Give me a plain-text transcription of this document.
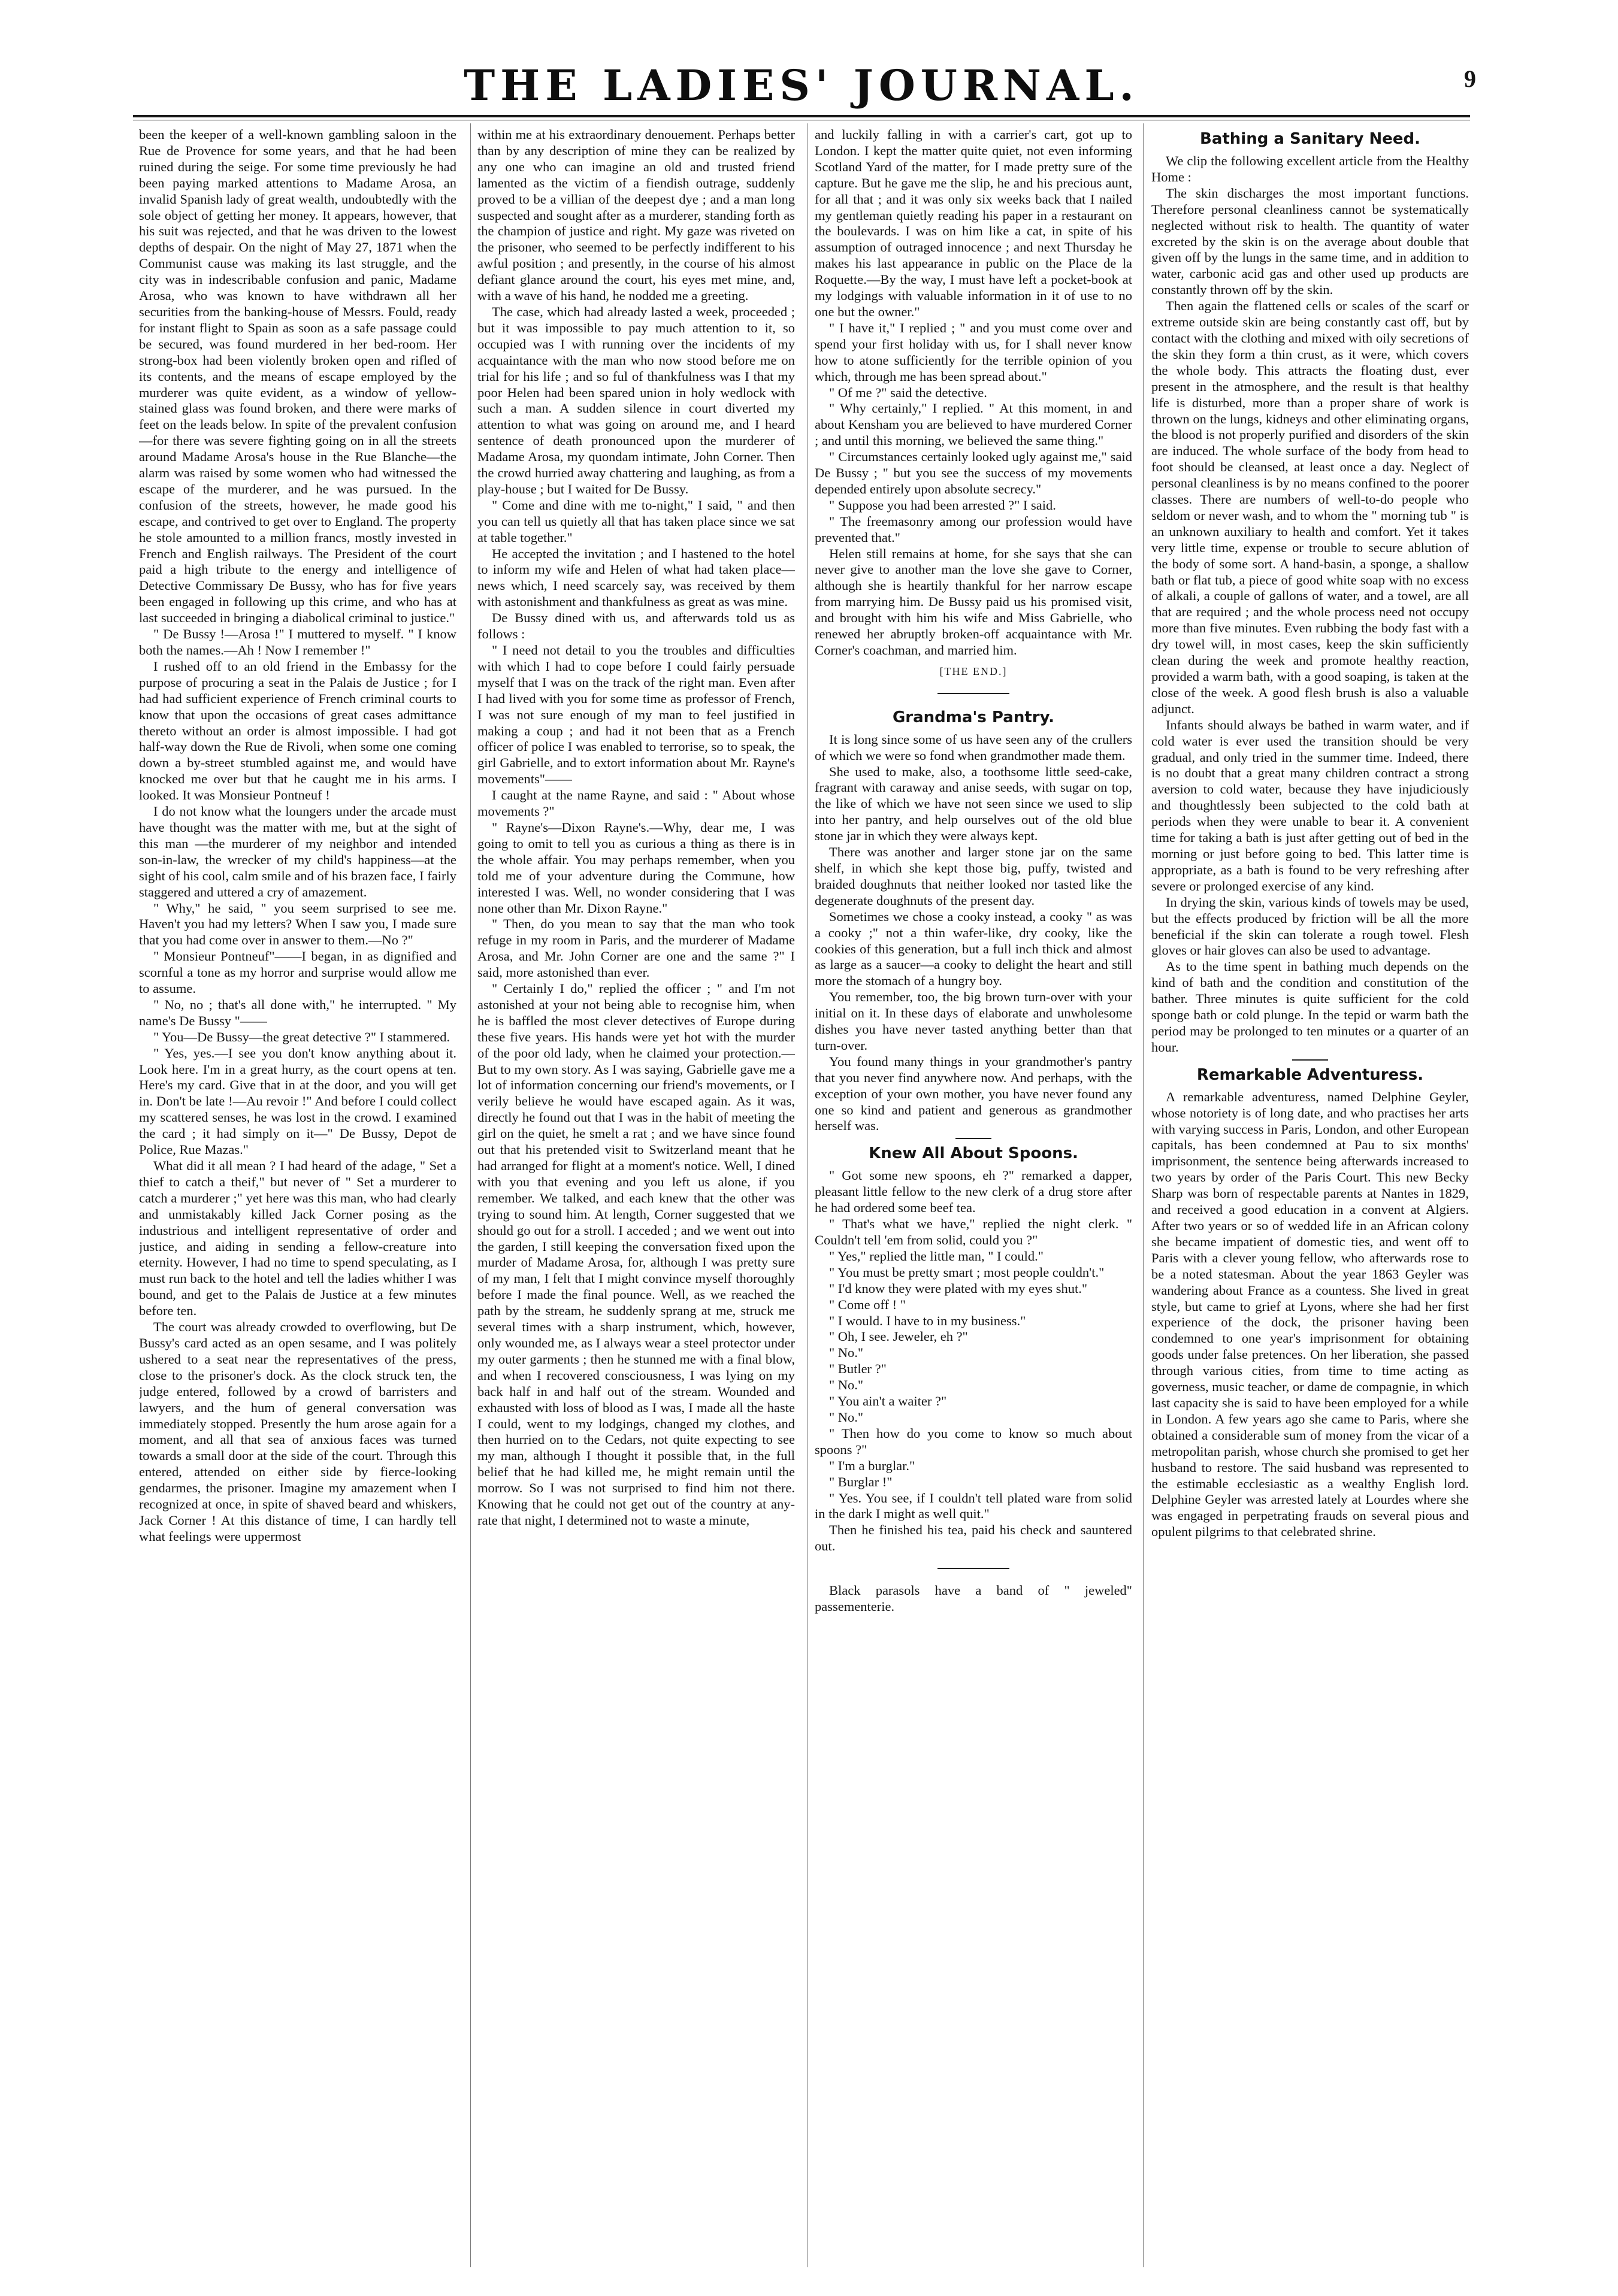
THE LADIES' JOURNAL.	9

been the keeper of a well-known gambling saloon in the Rue de Provence for some years, and that he had been ruined during the seige. For some time previously he had been paying marked attentions to Madame Arosa, an invalid Spanish lady of great wealth, undoubtedly with the sole object of getting her money. It appears, however, that his suit was rejected, and that he was driven to the lowest depths of despair. On the night of May 27, 1871 when the Communist cause was making its last struggle, and the city was in indescribable confusion and panic, Madame Arosa, who was known to have withdrawn all her securities from the banking-house of Messrs. Fould, ready for instant flight to Spain as soon as a safe passage could be secured, was found murdered in her bed-room. Her strong-box had been violently broken open and rifled of its contents, and the means of escape employed by the murderer was quite evident, as a window of yellow-stained glass was found broken, and there were marks of feet on the leads below. In spite of the prevalent confusion—for there was severe fighting going on in all the streets around Madame Arosa's house in the Rue Blanche—the alarm was raised by some women who had witnessed the escape of the murderer, and he was pursued. In the confusion of the streets, however, he made good his escape, and contrived to get over to England. The property he stole amounted to a million francs, mostly invested in French and English railways. The President of the court paid a high tribute to the energy and intelligence of Detective Commissary De Bussy, who has for five years been engaged in following up this crime, and who has at last succeeded in bringing a diabolical criminal to justice."

" De Bussy !—Arosa !" I muttered to myself. " I know both the names.—Ah ! Now I remember !"

I rushed off to an old friend in the Embassy for the purpose of procuring a seat in the Palais de Justice ; for I had had sufficient experience of French criminal courts to know that upon the occasions of great cases admittance thereto without an order is almost impossible. I had got half-way down the Rue de Rivoli, when some one coming down a by-street stumbled against me, and would have knocked me over but that he caught me in his arms. I looked. It was Monsieur Pontneuf !

I do not know what the loungers under the arcade must have thought was the matter with me, but at the sight of this man —the murderer of my neighbor and intended son-in-law, the wrecker of my child's happiness—at the sight of his cool, calm smile and of his brazen face, I fairly staggered and uttered a cry of amazement.

" Why," he said, " you seem surprised to see me. Haven't you had my letters? When I saw you, I made sure that you had come over in answer to them.—No ?"

" Monsieur Pontneuf"——I began, in as dignified and scornful a tone as my horror and surprise would allow me to assume.

" No, no ; that's all done with," he interrupted. " My name's De Bussy "——

" You—De Bussy—the great detective ?" I stammered.

" Yes, yes.—I see you don't know anything about it. Look here. I'm in a great hurry, as the court opens at ten. Here's my card. Give that in at the door, and you will get in. Don't be late !—Au revoir !" And before I could collect my scattered senses, he was lost in the crowd. I examined the card ; it had simply on it—" De Bussy, Depot de Police, Rue Mazas."

What did it all mean ? I had heard of the adage, " Set a thief to catch a theif," but never of " Set a murderer to catch a murderer ;" yet here was this man, who had clearly and unmistakably killed Jack Corner posing as the industrious and intelligent representative of order and justice, and aiding in sending a fellow-creature into eternity. However, I had no time to spend speculating, as I must run back to the hotel and tell the ladies whither I was bound, and get to the Palais de Justice at a few minutes before ten.

The court was already crowded to overflowing, but De Bussy's card acted as an open sesame, and I was politely ushered to a seat near the representatives of the press, close to the prisoner's dock. As the clock struck ten, the judge entered, followed by a crowd of barristers and lawyers, and the hum of general conversation was immediately stopped. Presently the hum arose again for a moment, and all that sea of anxious faces was turned towards a small door at the side of the court. Through this entered, attended on either side by fierce-looking gendarmes, the prisoner. Imagine my amazement when I recognized at once, in spite of shaved beard and whiskers, Jack Corner ! At this distance of time, I can hardly tell what feelings were uppermost

within me at his extraordinary denouement. Perhaps better than by any description of mine they can be realized by any one who can imagine an old and trusted friend lamented as the victim of a fiendish outrage, suddenly proved to be a villian of the deepest dye ; and a man long suspected and sought after as a murderer, standing forth as the champion of justice and right. My gaze was riveted on the prisoner, who seemed to be perfectly indifferent to his awful position ; and presently, in the course of his almost defiant glance around the court, his eyes met mine, and, with a wave of his hand, he nodded me a greeting.

The case, which had already lasted a week, proceeded ; but it was impossible to pay much attention to it, so occupied was I with running over the incidents of my acquaintance with the man who now stood before me on trial for his life ; and so ful of thankfulness was I that my poor Helen had been spared union in holy wedlock with such a man. A sudden silence in court diverted my attention to what was going on around me, and I heard sentence of death pronounced upon the murderer of Madame Arosa, my quondam intimate, John Corner. Then the crowd hurried away chattering and laughing, as from a play-house ; but I waited for De Bussy.

" Come and dine with me to-night," I said, " and then you can tell us quietly all that has taken place since we sat at table together."

He accepted the invitation ; and I hastened to the hotel to inform my wife and Helen of what had taken place—news which, I need scarcely say, was received by them with astonishment and thankfulness as great as was mine.

De Bussy dined with us, and afterwards told us as follows :

" I need not detail to you the troubles and difficulties with which I had to cope before I could fairly persuade myself that I was on the track of the right man. Even after I had lived with you for some time as professor of French, I was not sure enough of my man to feel justified in making a coup ; and had it not been that as a French officer of police I was enabled to terrorise, so to speak, the girl Gabrielle, and to extort information about Mr. Rayne's movements"——

I caught at the name Rayne, and said : " About whose movements ?"

" Rayne's—Dixon Rayne's.—Why, dear me, I was going to omit to tell you as curious a thing as there is in the whole affair. You may perhaps remember, when you told me of your adventure during the Commune, how interested I was. Well, no wonder considering that I was none other than Mr. Dixon Rayne."

" Then, do you mean to say that the man who took refuge in my room in Paris, and the murderer of Madame Arosa, and Mr. John Corner are one and the same ?" I said, more astonished than ever.

" Certainly I do," replied the officer ; " and I'm not astonished at your not being able to recognise him, when he is baffled the most clever detectives of Europe during these five years. His hands were yet hot with the murder of the poor old lady, when he claimed your protection.—But to my own story. As I was saying, Gabrielle gave me a lot of information concerning our friend's movements, or I verily believe he would have escaped again. As it was, directly he found out that I was in the habit of meeting the girl on the quiet, he smelt a rat ; and we have since found out that his pretended visit to Switzerland meant that he had arranged for flight at a moment's notice. Well, I dined with you that evening and you left us alone, if you remember. We talked, and each knew that the other was trying to sound him. At length, Corner suggested that we should go out for a stroll. I acceded ; and we went out into the garden, I still keeping the conversation fixed upon the murder of Madame Arosa, for, although I was pretty sure of my man, I felt that I might convince myself thoroughly before I made the final pounce. Well, as we reached the path by the stream, he suddenly sprang at me, struck me several times with a sharp instrument, which, however, only wounded me, as I always wear a steel protector under my outer garments ; then he stunned me with a final blow, and when I recovered consciousness, I was lying on my back half in and half out of the stream. Wounded and exhausted with loss of blood as I was, I made all the haste I could, went to my lodgings, changed my clothes, and then hurried on to the Cedars, not quite expecting to see my man, although I thought it possible that, in the full belief that he had killed me, he might remain until the morrow. So I was not surprised to find him not there. Knowing that he could not get out of the country at any-rate that night, I determined not to waste a minute,

and luckily falling in with a carrier's cart, got up to London. I kept the matter quite quiet, not even informing Scotland Yard of the matter, for I made pretty sure of the capture. But he gave me the slip, he and his precious aunt, for all that ; and it was only six weeks back that I nailed my gentleman quietly reading his paper in a restaurant on the boulevards. I was on him like a cat, in spite of his assumption of outraged innocence ; and next Thursday he makes his last appearance in public on the Place de la Roquette.—By the way, I must have left a pocket-book at my lodgings with valuable information in it of use to no one but the owner."

" I have it," I replied ; " and you must come over and spend your first holiday with us, for I shall never know how to atone sufficiently for the terrible opinion of you which, through me has been spread about."

" Of me ?" said the detective.

" Why certainly," I replied. " At this moment, in and about Kensham you are believed to have murdered Corner ; and until this morning, we believed the same thing."

" Circumstances certainly looked ugly against me," said De Bussy ; " but you see the success of my movements depended entirely upon absolute secrecy."

" Suppose you had been arrested ?" I said.

" The freemasonry among our profession would have prevented that."

Helen still remains at home, for she says that she can never give to another man the love she gave to Corner, although she is heartily thankful for her narrow escape from marrying him. De Bussy paid us his promised visit, and brought with him his wife and Miss Gabrielle, who renewed her abruptly broken-off acquaintance with Mr. Corner's coachman, and married him.

[THE END.]
Grandma's Pantry.

It is long since some of us have seen any of the crullers of which we were so fond when grandmother made them.

She used to make, also, a toothsome little seed-cake, fragrant with caraway and anise seeds, with sugar on top, the like of which we have not seen since we used to slip into her pantry, and help ourselves out of the old blue stone jar in which they were always kept.

There was another and larger stone jar on the same shelf, in which she kept those big, puffy, twisted and braided doughnuts that neither looked nor tasted like the degenerate doughnuts of the present day.

Sometimes we chose a cooky instead, a cooky " as was a cooky ;" not a thin wafer-like, dry cooky, like the cookies of this generation, but a full inch thick and almost as large as a saucer—a cooky to delight the heart and still more the stomach of a hungry boy.

You remember, too, the big brown turn-over with your initial on it. In these days of elaborate and unwholesome dishes you have never tasted anything better than that turn-over.

You found many things in your grandmother's pantry that you never find anywhere now. And perhaps, with the exception of your own mother, you have never found any one so kind and patient and generous as grandmother herself was.

Knew All About Spoons.

" Got some new spoons, eh ?" remarked a dapper, pleasant little fellow to the new clerk of a drug store after he had ordered some beef tea.

" That's what we have," replied the night clerk. " Couldn't tell 'em from solid, could you ?"

" Yes," replied the little man, " I could."

" You must be pretty smart ; most people couldn't."

" I'd know they were plated with my eyes shut."

" Come off ! "

" I would. I have to in my business."

" Oh, I see. Jeweler, eh ?"

" No."

" Butler ?"

" No."

" You ain't a waiter ?"

" No."

" Then how do you come to know so much about spoons ?"

" I'm a burglar."

" Burglar !"

" Yes. You see, if I couldn't tell plated ware from solid in the dark I might as well quit."

Then he finished his tea, paid his check and sauntered out.

Black parasols have a band of " jeweled" passementerie.

Bathing a Sanitary Need.

We clip the following excellent article from the Healthy Home :

The skin discharges the most important functions. Therefore personal cleanliness cannot be systematically neglected without risk to health. The quantity of water excreted by the skin is on the average about double that given off by the lungs in the same time, and in addition to water, carbonic acid gas and other used up products are constantly thrown off by the skin.

Then again the flattened cells or scales of the scarf or extreme outside skin are being constantly cast off, but by contact with the clothing and mixed with oily secretions of the skin they form a thin crust, as it were, which covers the whole body. This attracts the floating dust, ever present in the atmosphere, and the result is that healthy life is disturbed, more than a proper share of work is thrown on the lungs, kidneys and other eliminating organs, the blood is not properly purified and disorders of the skin are induced. The whole surface of the body from head to foot should be cleansed, at least once a day. Neglect of personal cleanliness is by no means confined to the poorer classes. There are numbers of well-to-do people who seldom or never wash, and to whom the " morning tub " is an unknown auxiliary to health and comfort. Yet it takes very little time, expense or trouble to secure ablution of the body of some sort. A hand-basin, a sponge, a shallow bath or flat tub, a piece of good white soap with no excess of alkali, a couple of gallons of water, and a towel, are all that are required ; and the whole process need not occupy more than five minutes. Even rubbing the body fast with a dry towel will, in most cases, keep the skin sufficiently clean during the week and promote healthy reaction, provided a warm bath, with a good soaping, is taken at the close of the week. A good flesh brush is also a valuable adjunct.

Infants should always be bathed in warm water, and if cold water is ever used the transition should be very gradual, and only tried in the summer time. Indeed, there is no doubt that a great many children contract a strong aversion to cold water, because they have injudiciously and thoughtlessly been subjected to the cold bath at periods when they were unable to bear it. A convenient time for taking a bath is just after getting out of bed in the morning or just before going to bed. This latter time is appropriate, as a bath is found to be very refreshing after severe or prolonged exercise of any kind.

In drying the skin, various kinds of towels may be used, but the effects produced by friction will be all the more beneficial if the skin can tolerate a rough towel. Flesh gloves or hair gloves can also be used to advantage.

As to the time spent in bathing much depends on the kind of bath and the condition and constitution of the bather. Three minutes is quite sufficient for the cold sponge bath or cold plunge. In the tepid or warm bath the period may be prolonged to ten minutes or a quarter of an hour.

Remarkable Adventuress.

A remarkable adventuress, named Delphine Geyler, whose notoriety is of long date, and who practises her arts with varying success in Paris, London, and other European capitals, has been condemned at Pau to six months' imprisonment, the sentence being afterwards increased to two years by order of the Paris Court. This new Becky Sharp was born of respectable parents at Nantes in 1829, and received a good education in a convent at Algiers. After two years or so of wedded life in an African colony she became impatient of domestic ties, and went off to Paris with a clever young fellow, who afterwards rose to be a noted statesman. About the year 1863 Geyler was wandering about France as a countess. She lived in great style, but came to grief at Lyons, where she had her first experience of the dock, the prisoner having been condemned to one year's imprisonment for obtaining goods under false pretences. On her liberation, she passed through various cities, from time to time acting as governess, music teacher, or dame de compagnie, in which last capacity she is said to have been employed for a while in London. A few years ago she came to Paris, where she obtained a considerable sum of money from the vicar of a metropolitan parish, whose church she promised to get her husband to restore. The said husband was represented to the estimable ecclesiastic as a wealthy English lord. Delphine Geyler was arrested lately at Lourdes where she was engaged in perpetrating frauds on several pious and opulent pilgrims to that celebrated shrine.
